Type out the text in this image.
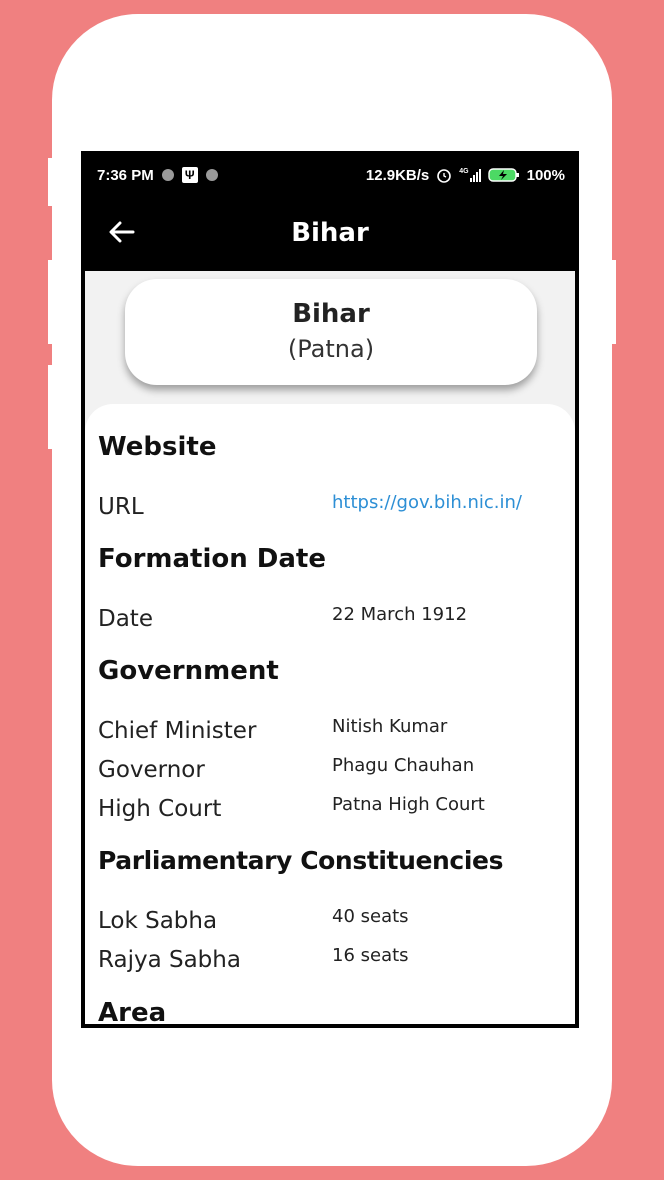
7:36 PM	Ψ	12.9KB/s	4G	100%
Bihar
Bihar
(Patna)
Website
URL	https://gov.bih.nic.in/
Formation Date
Date	22 March 1912
Government
Chief Minister	Nitish Kumar
Governor	Phagu Chauhan
High Court	Patna High Court
Parliamentary Constituencies
Lok Sabha	40 seats
Rajya Sabha	16 seats
Area
